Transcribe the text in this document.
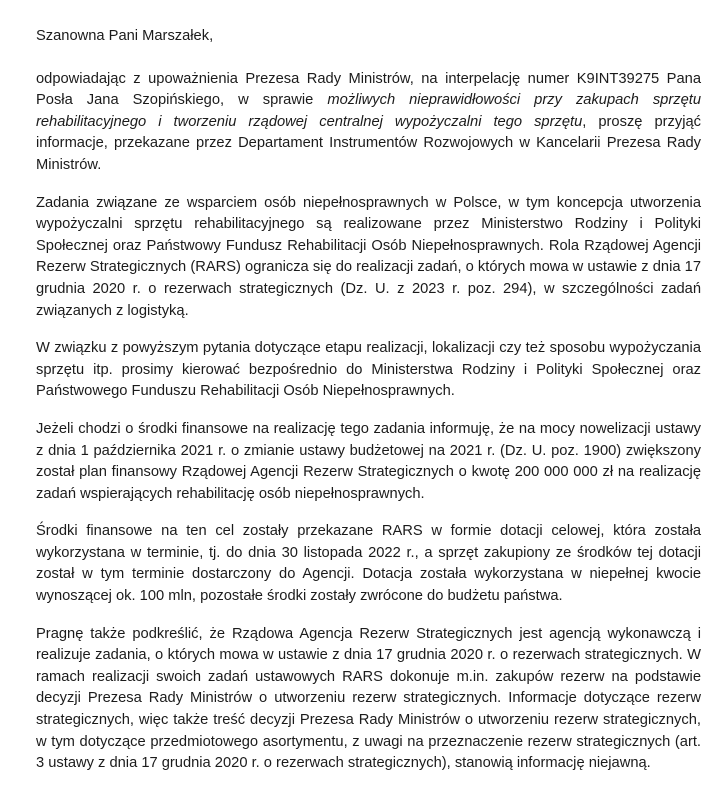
Szanowna Pani Marszałek,

odpowiadając z upoważnienia Prezesa Rady Ministrów, na interpelację numer K9INT39275 Pana Posła Jana Szopińskiego, w sprawie możliwych nieprawidłowości przy zakupach sprzętu rehabilitacyjnego i tworzeniu rządowej centralnej wypożyczalni tego sprzętu, proszę przyjąć informacje, przekazane przez Departament Instrumentów Rozwojowych w Kancelarii Prezesa Rady Ministrów.

Zadania związane ze wsparciem osób niepełnosprawnych w Polsce, w tym koncepcja utworzenia wypożyczalni sprzętu rehabilitacyjnego są realizowane przez Ministerstwo Rodziny i Polityki Społecznej oraz Państwowy Fundusz Rehabilitacji Osób Niepełnosprawnych. Rola Rządowej Agencji Rezerw Strategicznych (RARS) ogranicza się do realizacji zadań, o których mowa w ustawie z dnia 17 grudnia 2020 r. o rezerwach strategicznych (Dz. U. z 2023 r. poz. 294), w szczególności zadań związanych z logistyką.

W związku z powyższym pytania dotyczące etapu realizacji, lokalizacji czy też sposobu wypożyczania sprzętu itp. prosimy kierować bezpośrednio do Ministerstwa Rodziny i Polityki Społecznej oraz Państwowego Funduszu Rehabilitacji Osób Niepełnosprawnych.

Jeżeli chodzi o środki finansowe na realizację tego zadania informuję, że na mocy nowelizacji ustawy z dnia 1 października 2021 r. o zmianie ustawy budżetowej na 2021 r. (Dz. U. poz. 1900) zwiększony został plan finansowy Rządowej Agencji Rezerw Strategicznych o kwotę 200 000 000 zł na realizację zadań wspierających rehabilitację osób niepełnosprawnych.

Środki finansowe na ten cel zostały przekazane RARS w formie dotacji celowej, która została wykorzystana w terminie, tj. do dnia 30 listopada 2022 r., a sprzęt zakupiony ze środków tej dotacji został w tym terminie dostarczony do Agencji. Dotacja została wykorzystana w niepełnej kwocie wynoszącej ok. 100 mln, pozostałe środki zostały zwrócone do budżetu państwa.

Pragnę także podkreślić, że Rządowa Agencja Rezerw Strategicznych jest agencją wykonawczą i realizuje zadania, o których mowa w ustawie z dnia 17 grudnia 2020 r. o rezerwach strategicznych. W ramach realizacji swoich zadań ustawowych RARS dokonuje m.in. zakupów rezerw na podstawie decyzji Prezesa Rady Ministrów o utworzeniu rezerw strategicznych. Informacje dotyczące rezerw strategicznych, więc także treść decyzji Prezesa Rady Ministrów o utworzeniu rezerw strategicznych, w tym dotyczące przedmiotowego asortymentu, z uwagi na przeznaczenie rezerw strategicznych (art. 3 ustawy z dnia 17 grudnia 2020 r. o rezerwach strategicznych), stanowią informację niejawną.
